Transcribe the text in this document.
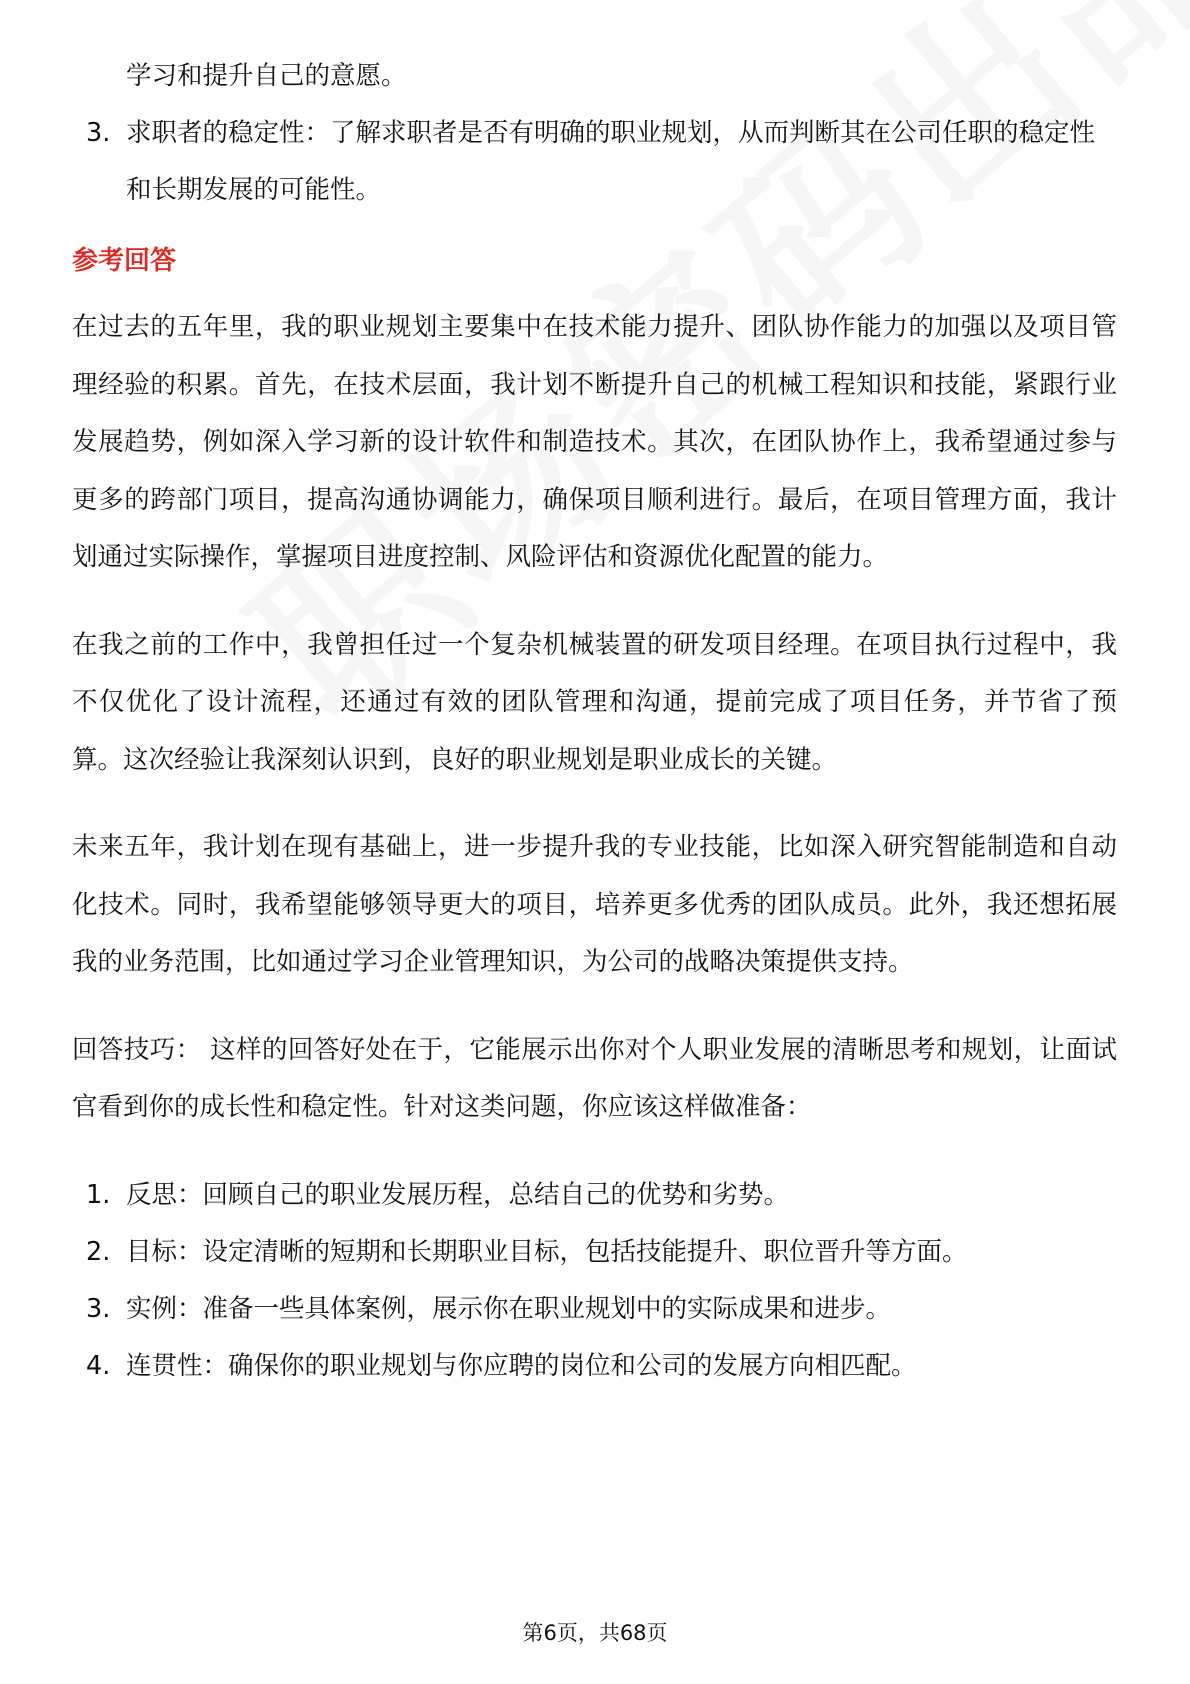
学习和提升自己的意愿。
3. 求职者的稳定性：了解求职者是否有明确的职业规划，从而判断其在公司任职的稳定性和长期发展的可能性。
参考回答

在过去的五年里，我的职业规划主要集中在技术能力提升、团队协作能力的加强以及项目管理经验的积累。首先，在技术层面，我计划不断提升自己的机械工程知识和技能，紧跟行业发展趋势，例如深入学习新的设计软件和制造技术。其次，在团队协作上，我希望通过参与更多的跨部门项目，提高沟通协调能力，确保项目顺利进行。最后，在项目管理方面，我计划通过实际操作，掌握项目进度控制、风险评估和资源优化配置的能力。

在我之前的工作中，我曾担任过一个复杂机械装置的研发项目经理。在项目执行过程中，我不仅优化了设计流程，还通过有效的团队管理和沟通，提前完成了项目任务，并节省了预算。这次经验让我深刻认识到，良好的职业规划是职业成长的关键。

未来五年，我计划在现有基础上，进一步提升我的专业技能，比如深入研究智能制造和自动化技术。同时，我希望能够领导更大的项目，培养更多优秀的团队成员。此外，我还想拓展我的业务范围，比如通过学习企业管理知识，为公司的战略决策提供支持。

回答技巧： 这样的回答好处在于，它能展示出你对个人职业发展的清晰思考和规划，让面试官看到你的成长性和稳定性。针对这类问题，你应该这样做准备：

1. 反思：回顾自己的职业发展历程，总结自己的优势和劣势。
2. 目标：设定清晰的短期和长期职业目标，包括技能提升、职位晋升等方面。
3. 实例：准备一些具体案例，展示你在职业规划中的实际成果和进步。
4. 连贯性：确保你的职业规划与你应聘的岗位和公司的发展方向相匹配。
第6页，共68页
